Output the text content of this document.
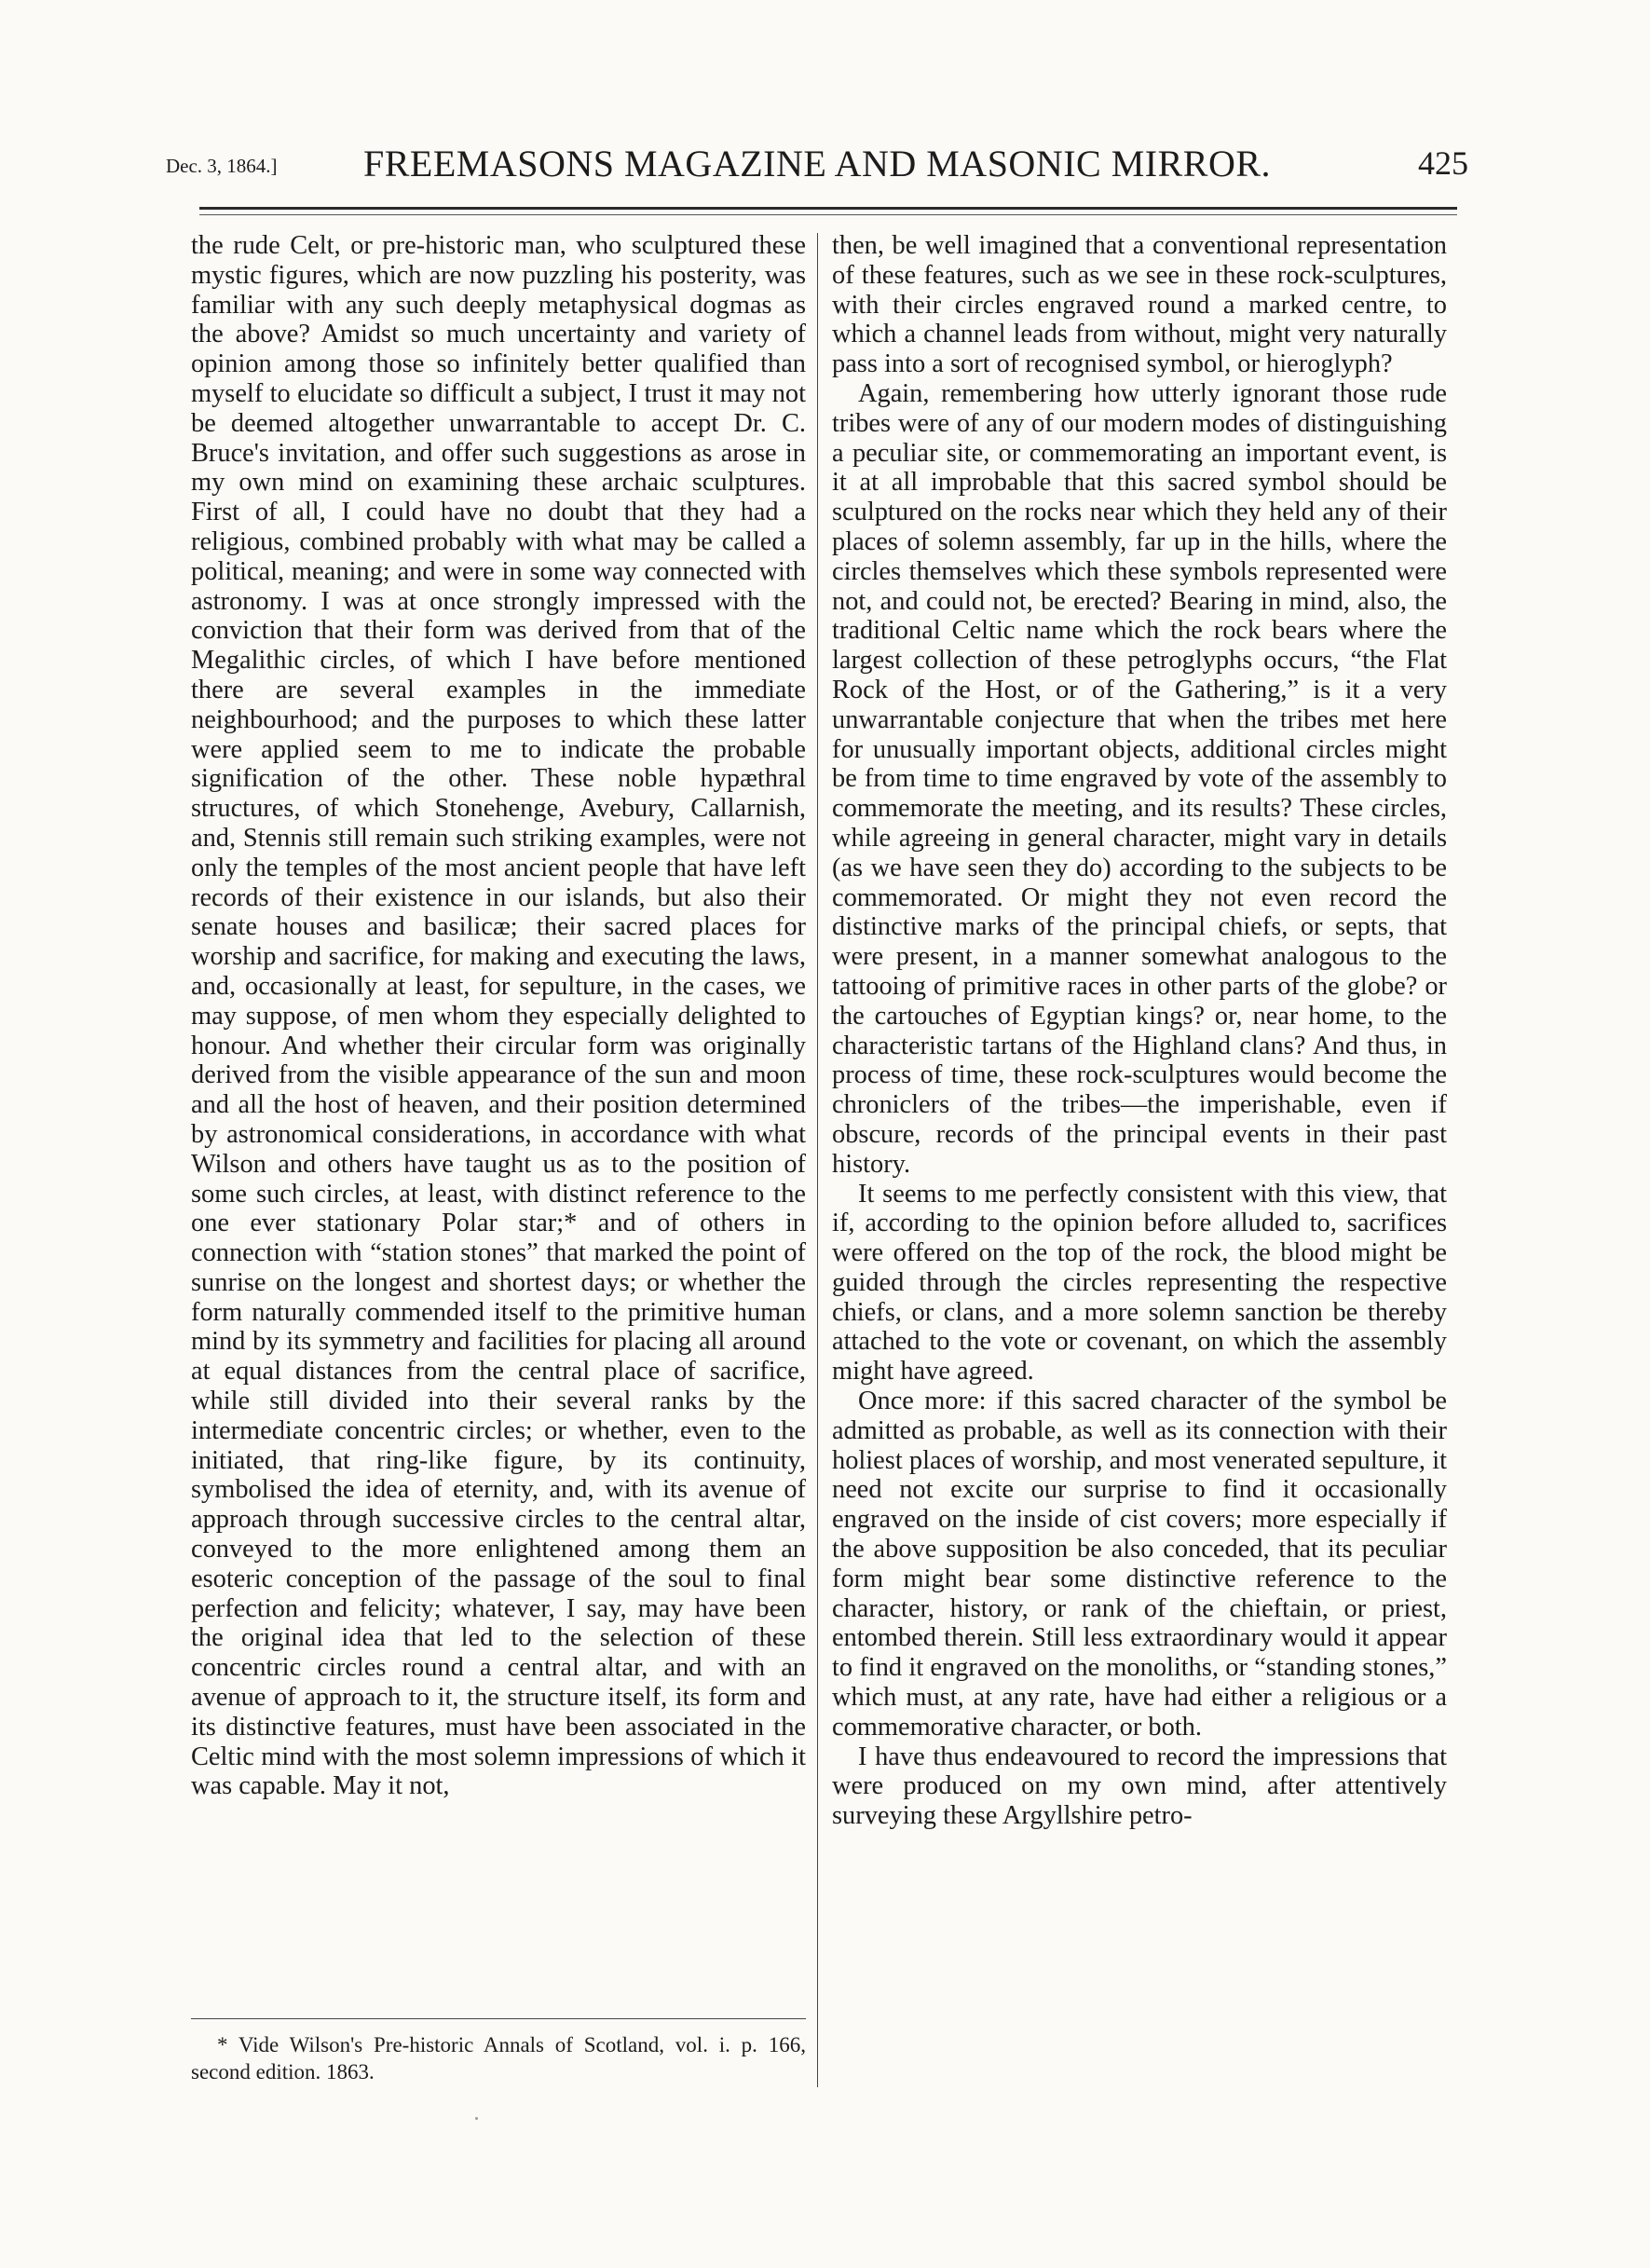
Dec. 3, 1864.]	FREEMASONS MAGAZINE AND MASONIC MIRROR.	425

the rude Celt, or pre-historic man, who sculptured these mystic figures, which are now puzzling his posterity, was familiar with any such deeply metaphysical dogmas as the above? Amidst so much uncertainty and variety of opinion among those so infinitely better qualified than myself to elucidate so difficult a subject, I trust it may not be deemed altogether unwarrantable to accept Dr. C. Bruce's invitation, and offer such suggestions as arose in my own mind on examining these archaic sculptures. First of all, I could have no doubt that they had a religious, combined probably with what may be called a political, meaning; and were in some way connected with astronomy. I was at once strongly impressed with the conviction that their form was derived from that of the Megalithic circles, of which I have before mentioned there are several examples in the immediate neighbourhood; and the purposes to which these latter were applied seem to me to indicate the probable signification of the other. These noble hypæthral structures, of which Stonehenge, Avebury, Callarnish, and, Stennis still remain such striking examples, were not only the temples of the most ancient people that have left records of their existence in our islands, but also their senate houses and basilicæ; their sacred places for worship and sacrifice, for making and executing the laws, and, occasionally at least, for sepulture, in the cases, we may suppose, of men whom they especially delighted to honour. And whether their circular form was originally derived from the visible appearance of the sun and moon and all the host of heaven, and their position determined by astronomical considerations, in accordance with what Wilson and others have taught us as to the position of some such circles, at least, with distinct reference to the one ever stationary Polar star;* and of others in connection with “station stones” that marked the point of sunrise on the longest and shortest days; or whether the form naturally commended itself to the primitive human mind by its symmetry and facilities for placing all around at equal distances from the central place of sacrifice, while still divided into their several ranks by the intermediate concentric circles; or whether, even to the initiated, that ring-like figure, by its continuity, symbolised the idea of eternity, and, with its avenue of approach through successive circles to the central altar, conveyed to the more enlightened among them an esoteric conception of the passage of the soul to final perfection and felicity; whatever, I say, may have been the original idea that led to the selection of these concentric circles round a central altar, and with an avenue of approach to it, the structure itself, its form and its distinctive features, must have been associated in the Celtic mind with the most solemn impressions of which it was capable. May it not,

then, be well imagined that a conventional representation of these features, such as we see in these rock-sculptures, with their circles engraved round a marked centre, to which a channel leads from without, might very naturally pass into a sort of recognised symbol, or hieroglyph?

Again, remembering how utterly ignorant those rude tribes were of any of our modern modes of distinguishing a peculiar site, or commemorating an important event, is it at all improbable that this sacred symbol should be sculptured on the rocks near which they held any of their places of solemn assembly, far up in the hills, where the circles themselves which these symbols represented were not, and could not, be erected? Bearing in mind, also, the traditional Celtic name which the rock bears where the largest collection of these petroglyphs occurs, “the Flat Rock of the Host, or of the Gathering,” is it a very unwarrantable conjecture that when the tribes met here for unusually important objects, additional circles might be from time to time engraved by vote of the assembly to commemorate the meeting, and its results? These circles, while agreeing in general character, might vary in details (as we have seen they do) according to the subjects to be commemorated. Or might they not even record the distinctive marks of the principal chiefs, or septs, that were present, in a manner somewhat analogous to the tattooing of primitive races in other parts of the globe? or the cartouches of Egyptian kings? or, near home, to the characteristic tartans of the Highland clans? And thus, in process of time, these rock-sculptures would become the chroniclers of the tribes—the imperishable, even if obscure, records of the principal events in their past history.

It seems to me perfectly consistent with this view, that if, according to the opinion before alluded to, sacrifices were offered on the top of the rock, the blood might be guided through the circles representing the respective chiefs, or clans, and a more solemn sanction be thereby attached to the vote or covenant, on which the assembly might have agreed.

Once more: if this sacred character of the symbol be admitted as probable, as well as its connection with their holiest places of worship, and most venerated sepulture, it need not excite our surprise to find it occasionally engraved on the inside of cist covers; more especially if the above supposition be also conceded, that its peculiar form might bear some distinctive reference to the character, history, or rank of the chieftain, or priest, entombed therein. Still less extraordinary would it appear to find it engraved on the monoliths, or “standing stones,” which must, at any rate, have had either a religious or a commemorative character, or both.

I have thus endeavoured to record the impressions that were produced on my own mind, after attentively surveying these Argyllshire petro-

* Vide Wilson's Pre-historic Annals of Scotland, vol. i. p. 166, second edition. 1863.
